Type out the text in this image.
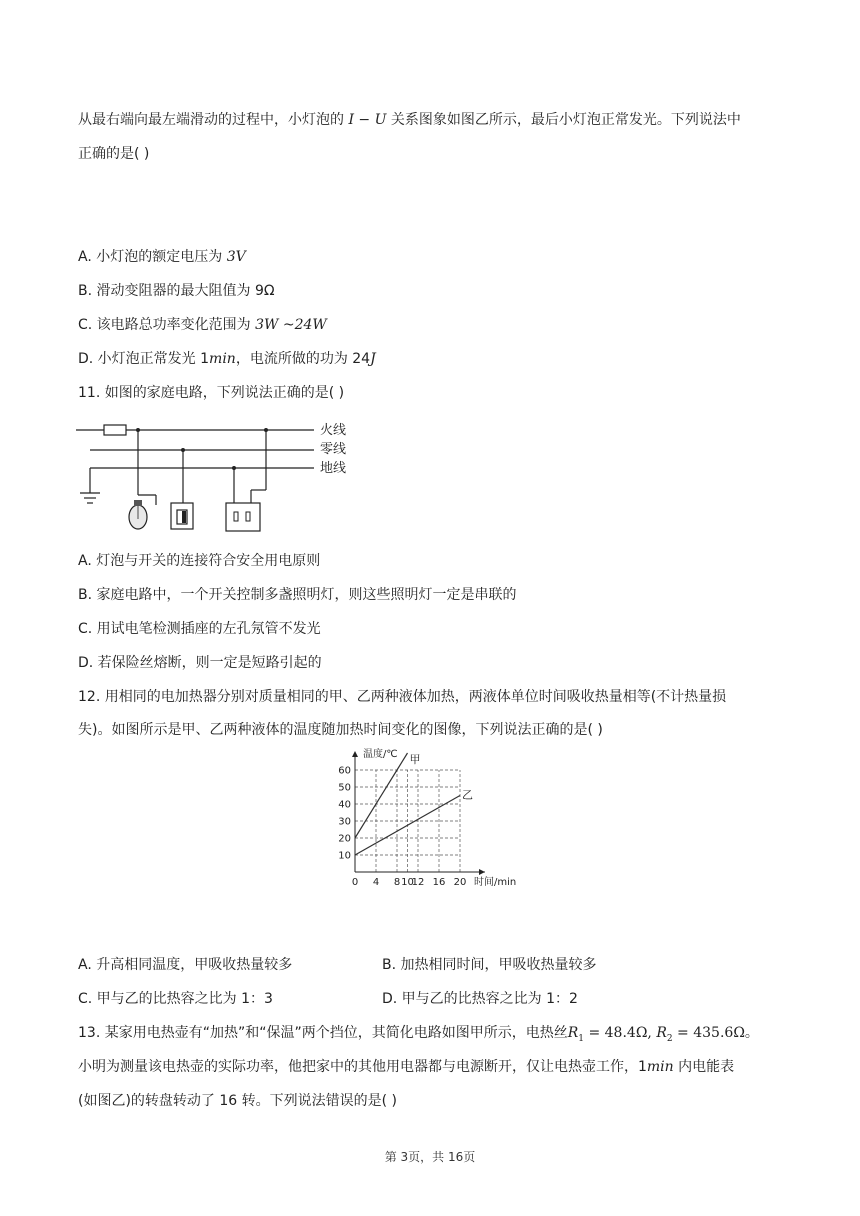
从最右端向最左端滑动的过程中，小灯泡的 I − U 关系图象如图乙所示，最后小灯泡正常发光。下列说法中
正确的是( )
A. 小灯泡的额定电压为 3V
B. 滑动变阻器的最大阻值为 9Ω
C. 该电路总功率变化范围为 3W ~24W
D. 小灯泡正常发光 1min，电流所做的功为 24J
11. 如图的家庭电路，下列说法正确的是( )
火线
零线
地线
A. 灯泡与开关的连接符合安全用电原则
B. 家庭电路中，一个开关控制多盏照明灯，则这些照明灯一定是串联的
C. 用试电笔检测插座的左孔氖管不发光
D. 若保险丝熔断，则一定是短路引起的
12. 用相同的电加热器分别对质量相同的甲、乙两种液体加热，两液体单位时间吸收热量相等(不计热量损
失)。如图所示是甲、乙两种液体的温度随加热时间变化的图像，下列说法正确的是( )
0 4 8 10
12 16 20
10
20
30
40
50
60
温度/℃
时间/min
甲
乙
A. 升高相同温度，甲吸收热量较多	B. 加热相同时间，甲吸收热量较多
C. 甲与乙的比热容之比为 1：3	D. 甲与乙的比热容之比为 1：2
13. 某家用电热壶有“加热”和“保温”两个挡位，其简化电路如图甲所示，电热丝$R_1 = 48.4\Omega$, $R_2 = 435.6\Omega$。
小明为测量该电热壶的实际功率，他把家中的其他用电器都与电源断开，仅让电热壶工作，1min 内电能表
(如图乙)的转盘转动了 16 转。下列说法错误的是( )
第 3页，共 16页
